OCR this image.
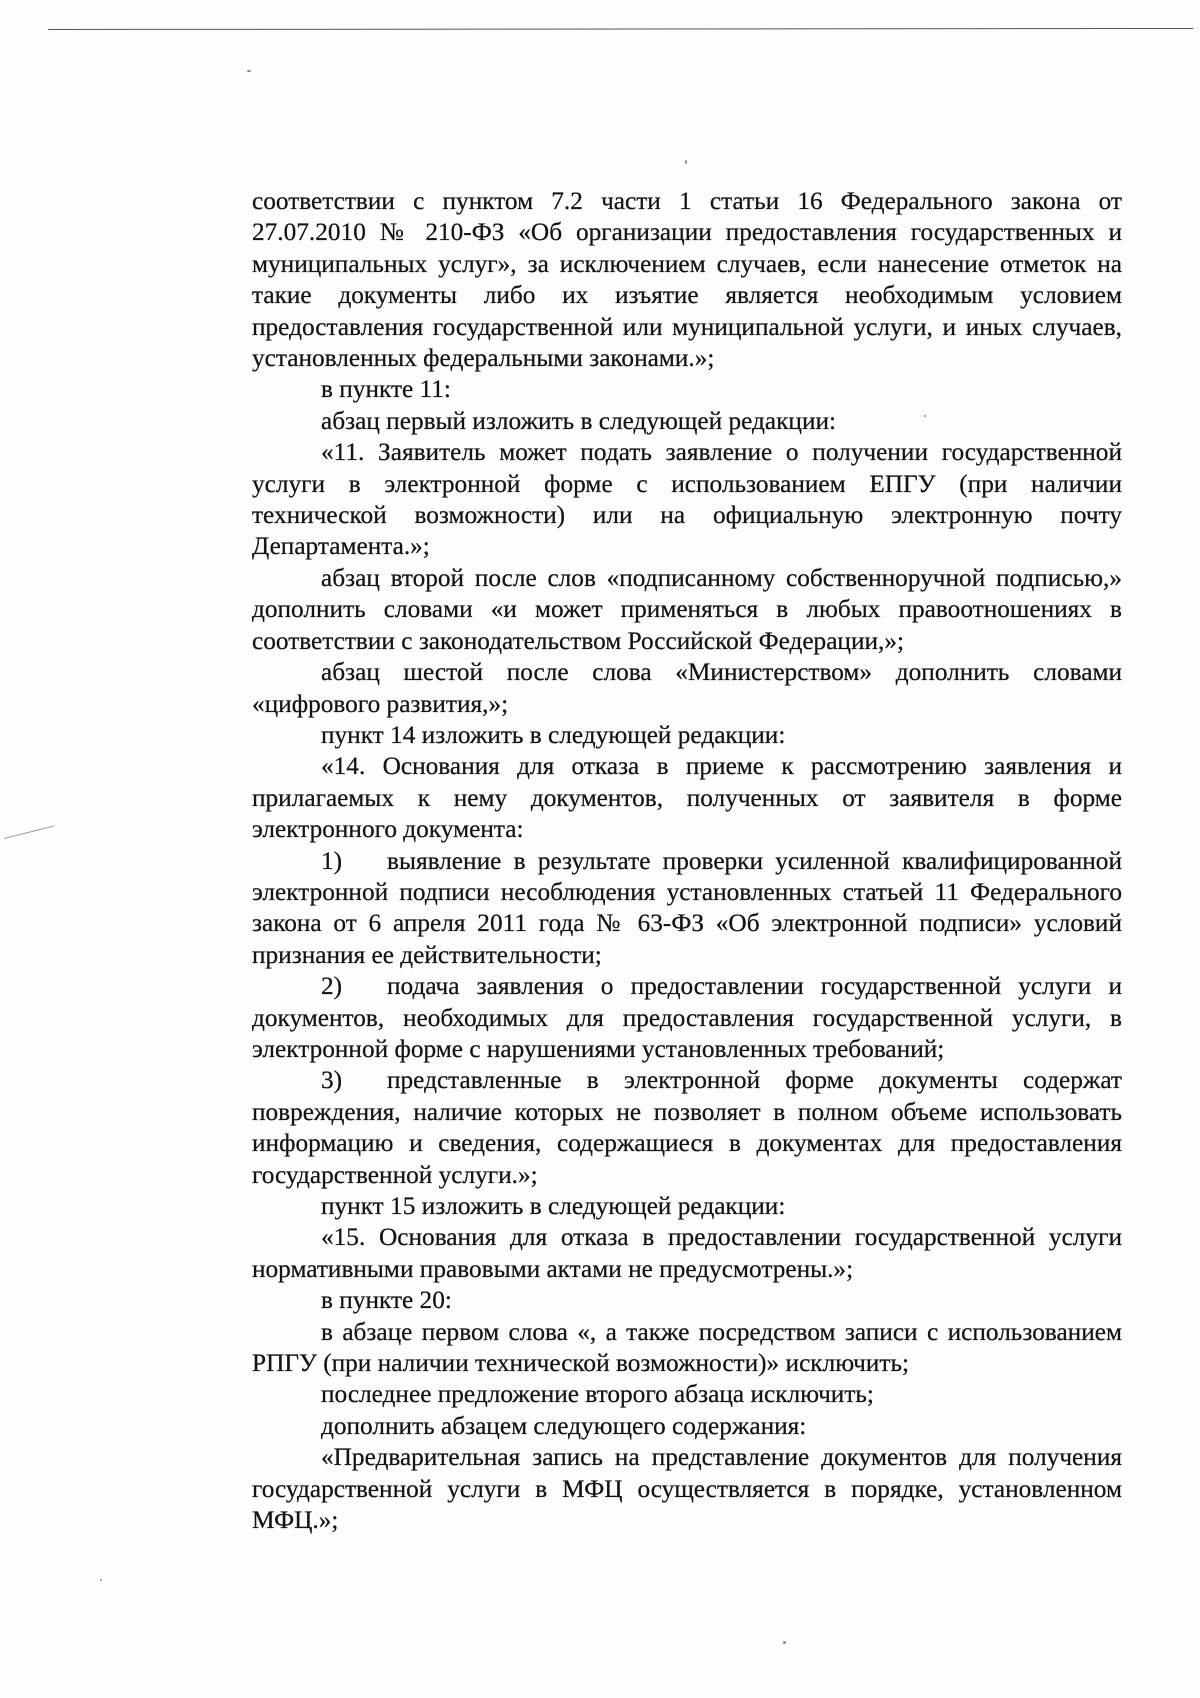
соответствии с пунктом 7.2 части 1 статьи 16 Федерального закона от 27.07.2010 № 210-ФЗ «Об организации предоставления государственных и муниципальных услуг», за исключением случаев, если нанесение отметок на такие документы либо их изъятие является необходимым условием предоставления государственной или муниципальной услуги, и иных случаев, установленных федеральными законами.»;

в пункте 11:

абзац первый изложить в следующей редакции:

«11. Заявитель может подать заявление о получении государственной услуги в электронной форме с использованием ЕПГУ (при наличии технической возможности) или на официальную электронную почту Департамента.»;

абзац второй после слов «подписанному собственноручной подписью,» дополнить словами «и может применяться в любых правоотношениях в соответствии с законодательством Российской Федерации,»;

абзац шестой после слова «Министерством» дополнить словами «цифрового развития,»;

пункт 14 изложить в следующей редакции:

«14. Основания для отказа в приеме к рассмотрению заявления и прилагаемых к нему документов, полученных от заявителя в форме электронного документа:

1) выявление в результате проверки усиленной квалифицированной электронной подписи несоблюдения установленных статьей 11 Федерального закона от 6 апреля 2011 года № 63-ФЗ «Об электронной подписи» условий признания ее действительности;

2) подача заявления о предоставлении государственной услуги и документов, необходимых для предоставления государственной услуги, в электронной форме с нарушениями установленных требований;

3) представленные в электронной форме документы содержат повреждения, наличие которых не позволяет в полном объеме использовать информацию и сведения, содержащиеся в документах для предоставления государственной услуги.»;

пункт 15 изложить в следующей редакции:

«15. Основания для отказа в предоставлении государственной услуги нормативными правовыми актами не предусмотрены.»;

в пункте 20:

в абзаце первом слова «, а также посредством записи с использованием РПГУ (при наличии технической возможности)» исключить;

последнее предложение второго абзаца исключить;

дополнить абзацем следующего содержания:

«Предварительная запись на представление документов для получения государственной услуги в МФЦ осуществляется в порядке, установленном МФЦ.»;
